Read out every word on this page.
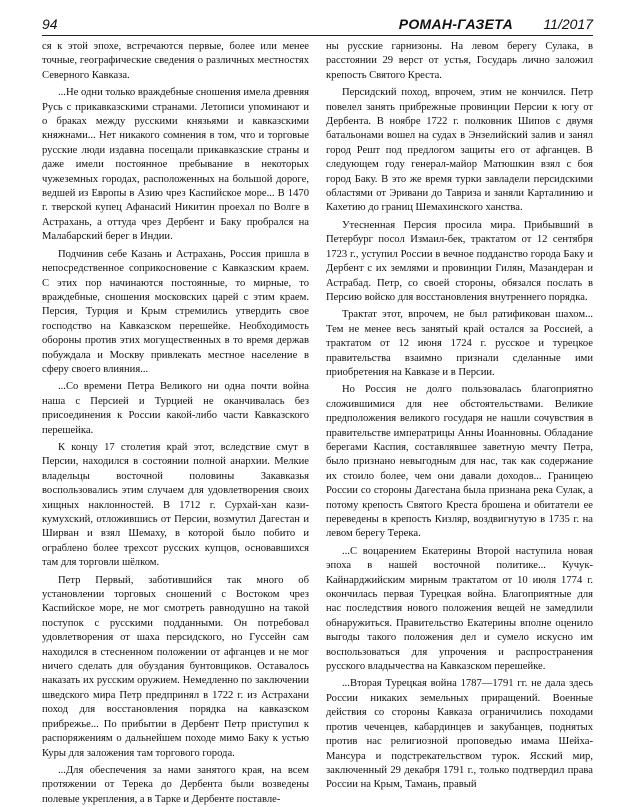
94	РОМАН-ГАЗЕТА 11/2017

ся к этой эпохе, встречаются первые, более или менее точные, географические сведения о различных местностях Северного Кавказа.

...Не одни только враждебные сношения имела древняя Русь с прикавказскими странами. Летописи упоминают и о браках между русскими князьями и кавказскими княжнами... Нет никакого сомнения в том, что и торговые русские люди издавна посещали прикавказские страны и даже имели постоянное пребывание в некоторых чужеземных городах, расположенных на большой дороге, ведшей из Европы в Азию чрез Каспийское море... В 1470 г. тверской купец Афанасий Никитин проехал по Волге в Астрахань, а оттуда чрез Дербент и Баку пробрался на Малабарский берег в Индии.

Подчинив себе Казань и Астрахань, Россия пришла в непосредственное соприкосновение с Кавказским краем. С этих пор начинаются постоянные, то мирные, то враждебные, сношения московских царей с этим краем. Персия, Турция и Крым стремились утвердить свое господство на Кавказском перешейке. Необходимость обороны против этих могущественных в то время держав побуждала и Москву привлекать местное население в сферу своего влияния...

...Со времени Петра Великого ни одна почти война наша с Персией и Турцией не оканчивалась без присоединения к России какой-либо части Кавказского перешейка.

К концу 17 столетия край этот, вследствие смут в Персии, находился в состоянии полной анархии. Мелкие владельцы восточной половины Закавказья воспользовались этим случаем для удовлетворения своих хищных наклонностей. В 1712 г. Сурхай-хан кази-кумухский, отложившись от Персии, возмутил Дагестан и Ширван и взял Шемаху, в которой было побито и ограблено более трехсот русских купцов, основавшихся там для торговли шёлком.

Петр Первый, заботившийся так много об установлении торговых сношений с Востоком чрез Каспийское море, не мог смотреть равнодушно на такой поступок с русскими подданными. Он потребовал удовлетворения от шаха персидского, но Гуссейн сам находился в стесненном положении от афганцев и не мог ничего сделать для обуздания бунтовщиков. Оставалось наказать их русским оружием. Немедленно по заключении шведского мира Петр предпринял в 1722 г. из Астрахани поход для восстановления порядка на кавказском прибрежье... По прибытии в Дербент Петр приступил к распоряжениям о дальнейшем походе мимо Баку к устью Куры для заложения там торгового города.

...Для обеспечения за нами занятого края, на всем протяжении от Терека до Дербента были возведены полевые укрепления, а в Тарке и Дербенте поставле-

ны русские гарнизоны. На левом берегу Сулака, в расстоянии 29 верст от устья, Государь лично заложил крепость Святого Креста.

Персидский поход, впрочем, этим не кончился. Петр повелел занять прибрежные провинции Персии к югу от Дербента. В ноябре 1722 г. полковник Шипов с двумя батальонами вошел на судах в Энзелийский залив и занял город Решт под предлогом защиты его от афганцев. В следующем году генерал-майор Матюшкин взял с боя город Баку. В это же время турки завладели персидскими областями от Эривани до Тавриза и заняли Карталинию и Кахетию до границ Шемахинского ханства.

Утесненная Персия просила мира. Прибывший в Петербург посол Измаил-бек, трактатом от 12 сентября 1723 г., уступил России в вечное подданство города Баку и Дербент с их землями и провинции Гилян, Мазандеран и Астрабад. Петр, со своей стороны, обязался послать в Персию войско для восстановления внутреннего порядка.

Трактат этот, впрочем, не был ратификован шахом... Тем не менее весь занятый край остался за Россией, а трактатом от 12 июня 1724 г. русское и турецкое правительства взаимно признали сделанные ими приобретения на Кавказе и в Персии.

Но Россия не долго пользовалась благоприятно сложившимися для нее обстоятельствами. Великие предположения великого государя не нашли сочувствия в правительстве императрицы Анны Иоанновны. Обладание берегами Каспия, составлявшее заветную мечту Петра, было признано невыгодным для нас, так как содержание их стоило более, чем они давали доходов... Границею России со стороны Дагестана была признана река Сулак, а потому крепость Святого Креста брошена и обитатели ее переведены в крепость Кизляр, воздвигнутую в 1735 г. на левом берегу Терека.

...С воцарением Екатерины Второй наступила новая эпоха в нашей восточной политике... Кучук-Кайнарджийским мирным трактатом от 10 июля 1774 г. окончилась первая Турецкая война. Благоприятные для нас последствия нового положения вещей не замедлили обнаружиться. Правительство Екатерины вполне оценило выгоды такого положения дел и сумело искусно им воспользоваться для упрочения и распространения русского владычества на Кавказском перешейке.

...Вторая Турецкая война 1787—1791 гг. не дала здесь России никаких земельных приращений. Военные действия со стороны Кавказа ограничились походами против чеченцев, кабардинцев и закубанцев, поднятых против нас религиозной проповедью имама Шейха-Мансура и подстрекательством турок. Ясский мир, заключенный 29 декабря 1791 г., только подтвердил права России на Крым, Тамань, правый
